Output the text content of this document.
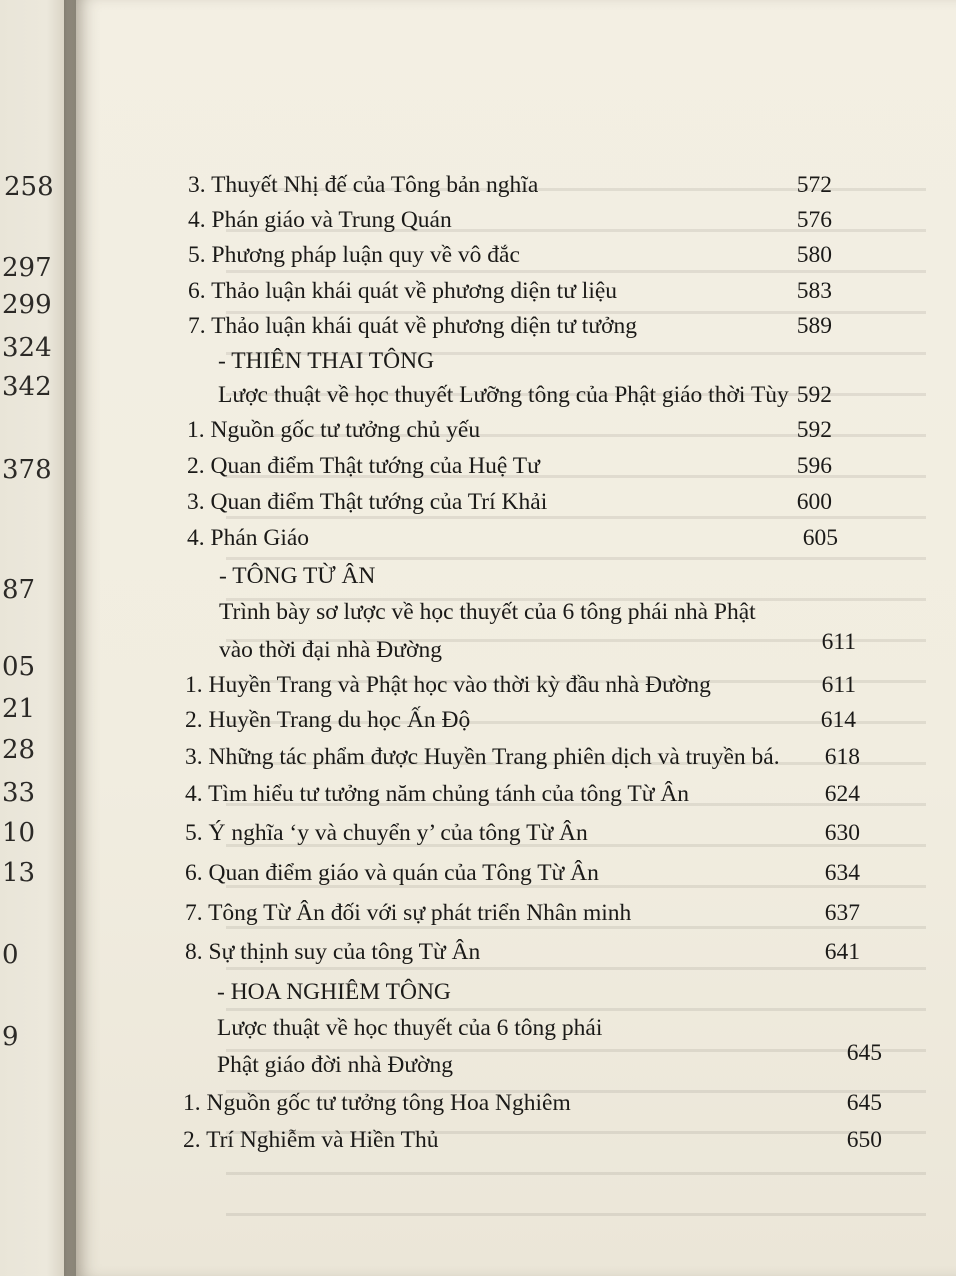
258
297
299
324
342
378
87
05
21
28
33
10
13
0
9
3. Thuyết Nhị đế của Tông bản nghĩa	572
4. Phán giáo và Trung Quán	576
5. Phương pháp luận quy về vô đắc	580
6. Thảo luận khái quát về phương diện tư liệu	583
7. Thảo luận khái quát về phương diện tư tưởng	589
- THIÊN THAI TÔNG
Lược thuật về học thuyết Lưỡng tông của Phật giáo thời Tùy 592
1. Nguồn gốc tư tưởng chủ yếu	592
2. Quan điểm Thật tướng của Huệ Tư	596
3. Quan điểm Thật tướng của Trí Khải	600
4. Phán Giáo	605
- TÔNG TỪ ÂN
Trình bày sơ lược về học thuyết của 6 tông phái nhà Phật
vào thời đại nhà Đường	611
1. Huyền Trang và Phật học vào thời kỳ đầu nhà Đường	611
2. Huyền Trang du học Ấn Độ	614
3. Những tác phẩm được Huyền Trang phiên dịch và truyền bá. 618
4. Tìm hiểu tư tưởng năm chủng tánh của tông Từ Ân	624
5. Ý nghĩa ‘y và chuyển y’ của tông Từ Ân	630
6. Quan điểm giáo và quán của Tông Từ Ân	634
7. Tông Từ Ân đối với sự phát triển Nhân minh	637
8. Sự thịnh suy của tông Từ Ân	641
- HOA NGHIÊM TÔNG
Lược thuật về học thuyết của 6 tông phái
Phật giáo đời nhà Đường	645
1. Nguồn gốc tư tưởng tông Hoa Nghiêm	645
2. Trí Nghiễm và Hiền Thủ	650
